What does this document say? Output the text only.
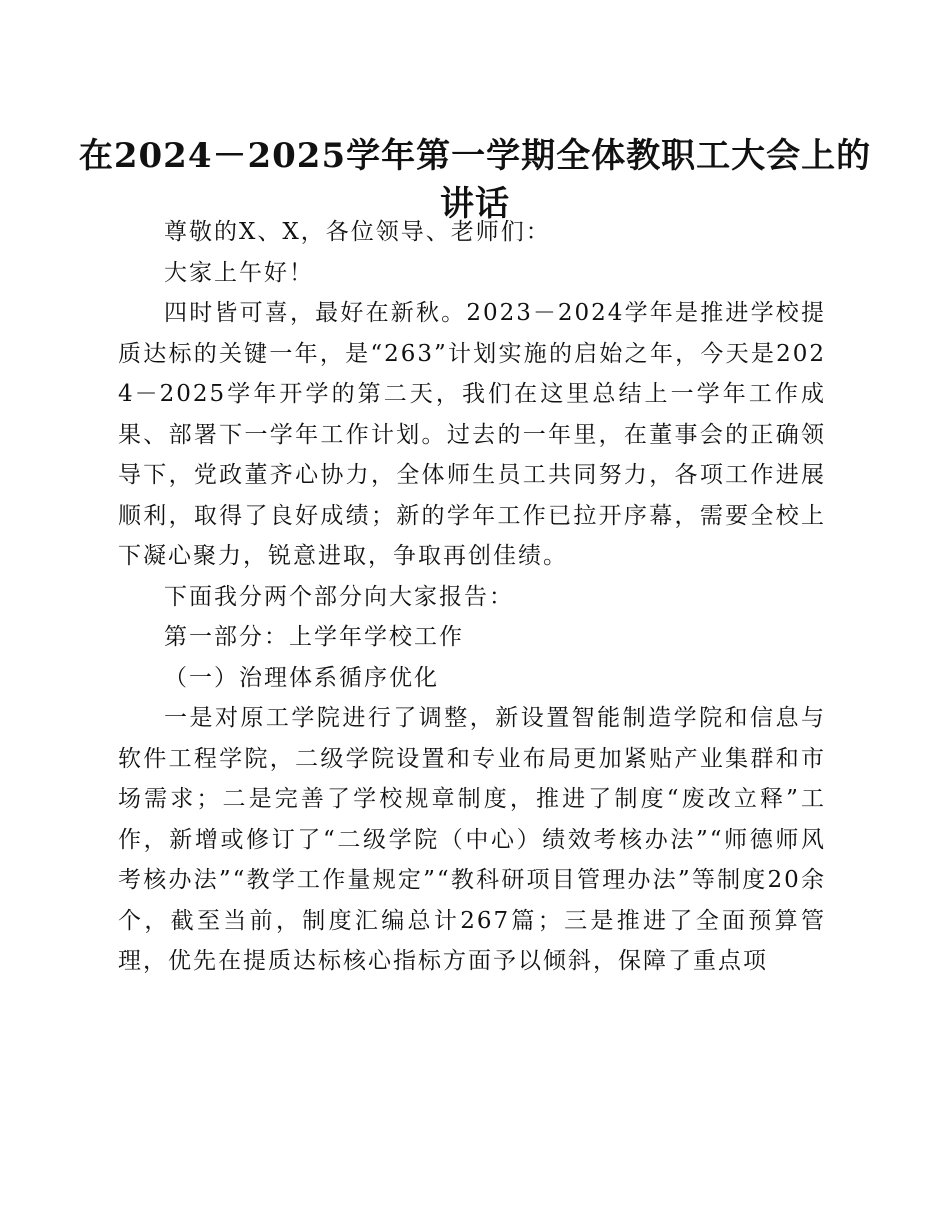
在2024－2025学年第一学期全体教职工大会上的讲话

尊敬的X、X，各位领导、老师们：

大家上午好！

四时皆可喜，最好在新秋。2023－2024学年是推进学校提质达标的关键一年，是“263”计划实施的启始之年，今天是2024－2025学年开学的第二天，我们在这里总结上一学年工作成果、部署下一学年工作计划。过去的一年里，在董事会的正确领导下，党政董齐心协力，全体师生员工共同努力，各项工作进展顺利，取得了良好成绩；新的学年工作已拉开序幕，需要全校上下凝心聚力，锐意进取，争取再创佳绩。

下面我分两个部分向大家报告：

第一部分：上学年学校工作

（一）治理体系循序优化

一是对原工学院进行了调整，新设置智能制造学院和信息与软件工程学院，二级学院设置和专业布局更加紧贴产业集群和市场需求；二是完善了学校规章制度，推进了制度“废改立释”工作，新增或修订了“二级学院（中心）绩效考核办法”“师德师风考核办法”“教学工作量规定”“教科研项目管理办法”等制度20余个，截至当前，制度汇编总计267篇；三是推进了全面预算管理，优先在提质达标核心指标方面予以倾斜，保障了重点项
